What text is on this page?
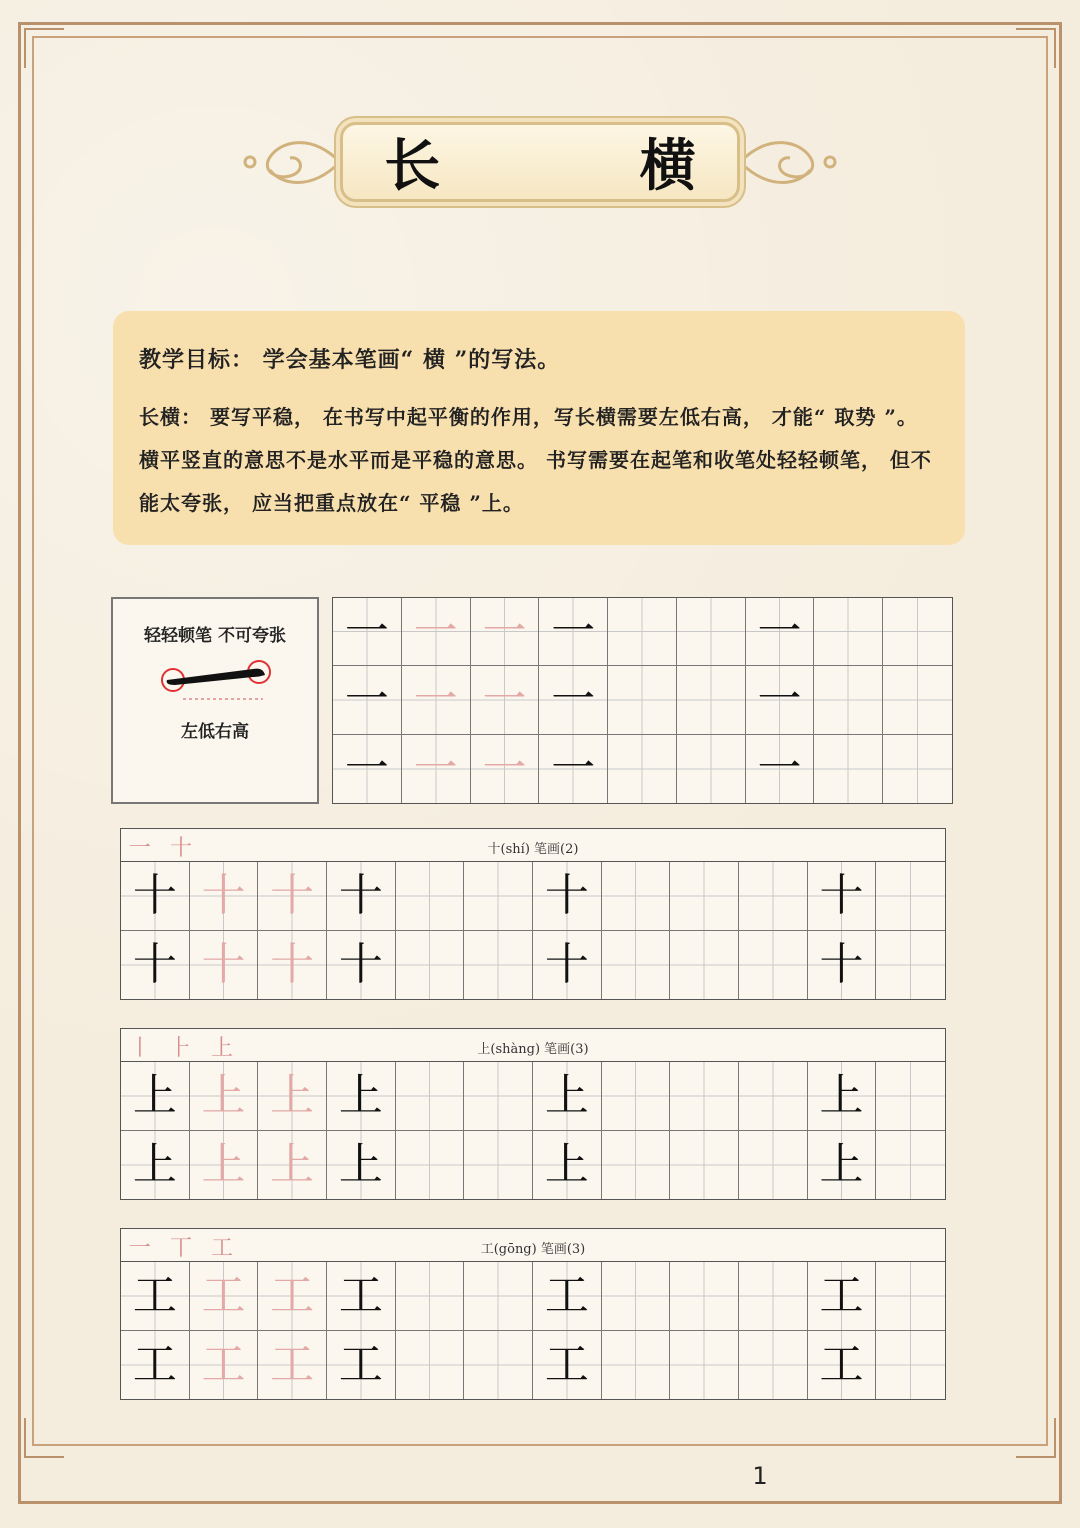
长 横
教学目标： 学会基本笔画“ 横 ”的写法。
长横： 要写平稳， 在书写中起平衡的作用，写长横需要左低右高， 才能“ 取势 ”。 横平竖直的意思不是水平而是平稳的意思。 书写需要在起笔和收笔处轻轻顿笔， 但不能太夸张， 应当把重点放在“ 平稳 ”上。
轻轻顿笔 不可夸张
左低右高
一 一 一 一	一
一 一 一 一	一
一 一 一 一	一
一 十	十(shí) 笔画(2)
十 十 十 十	十	十
十 十 十 十	十	十
丨 ⺊ 上	上(shàng) 笔画(3)
上 上 上 上	上	上
上 上 上 上	上	上
一 丅 工	工(gōng) 笔画(3)
工 工 工 工	工	工
工 工 工 工	工	工
1
